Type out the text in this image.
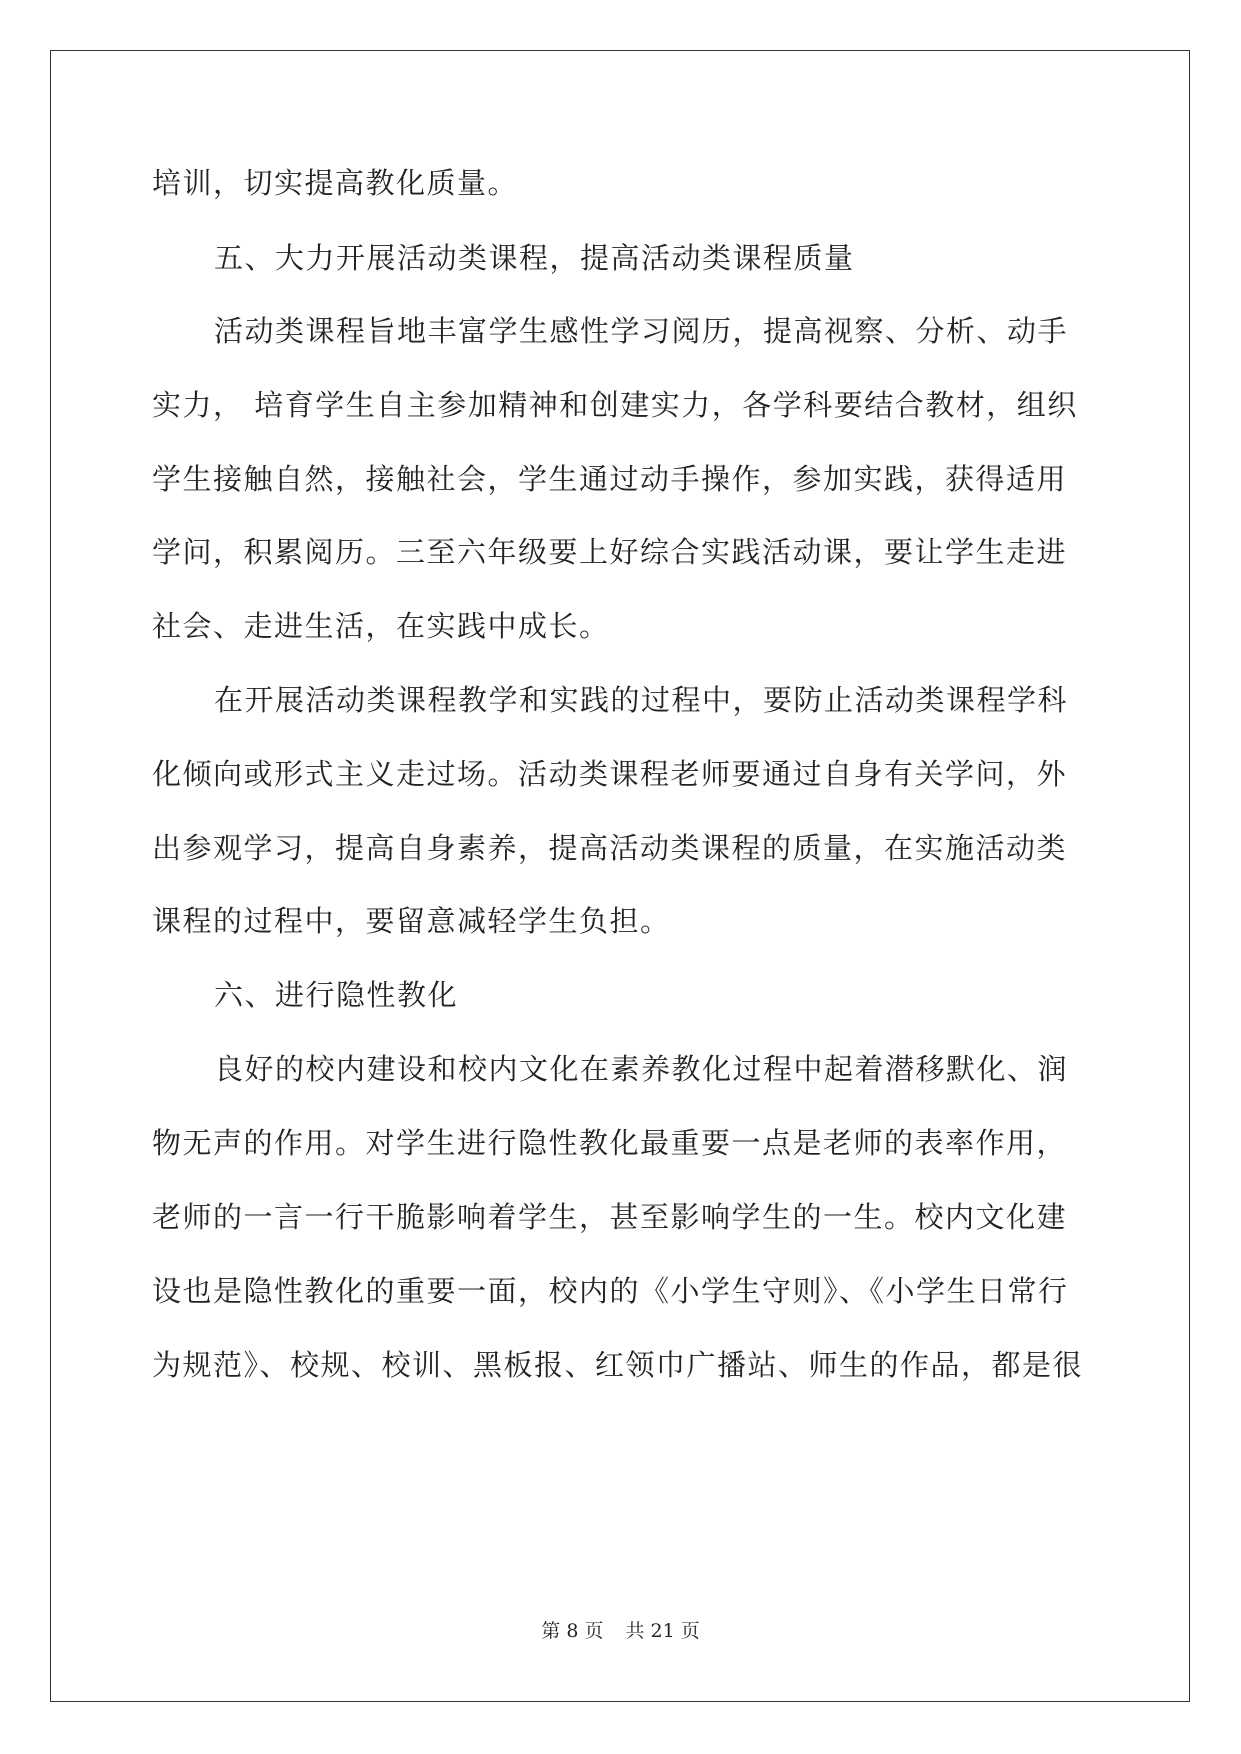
培训，切实提高教化质量。
五、大力开展活动类课程，提高活动类课程质量
活动类课程旨地丰富学生感性学习阅历，提高视察、分析、动手
实力， 培育学生自主参加精神和创建实力，各学科要结合教材，组织
学生接触自然，接触社会，学生通过动手操作，参加实践，获得适用
学问，积累阅历。三至六年级要上好综合实践活动课，要让学生走进
社会、走进生活，在实践中成长。
在开展活动类课程教学和实践的过程中，要防止活动类课程学科
化倾向或形式主义走过场。活动类课程老师要通过自身有关学问，外
出参观学习，提高自身素养，提高活动类课程的质量，在实施活动类
课程的过程中，要留意减轻学生负担。
六、进行隐性教化
良好的校内建设和校内文化在素养教化过程中起着潜移默化、润
物无声的作用。对学生进行隐性教化最重要一点是老师的表率作用，
老师的一言一行干脆影响着学生，甚至影响学生的一生。校内文化建
设也是隐性教化的重要一面，校内的《小学生守则》、《小学生日常行
为规范》、校规、校训、黑板报、红领巾广播站、师生的作品，都是很
第 8 页 共 21 页
